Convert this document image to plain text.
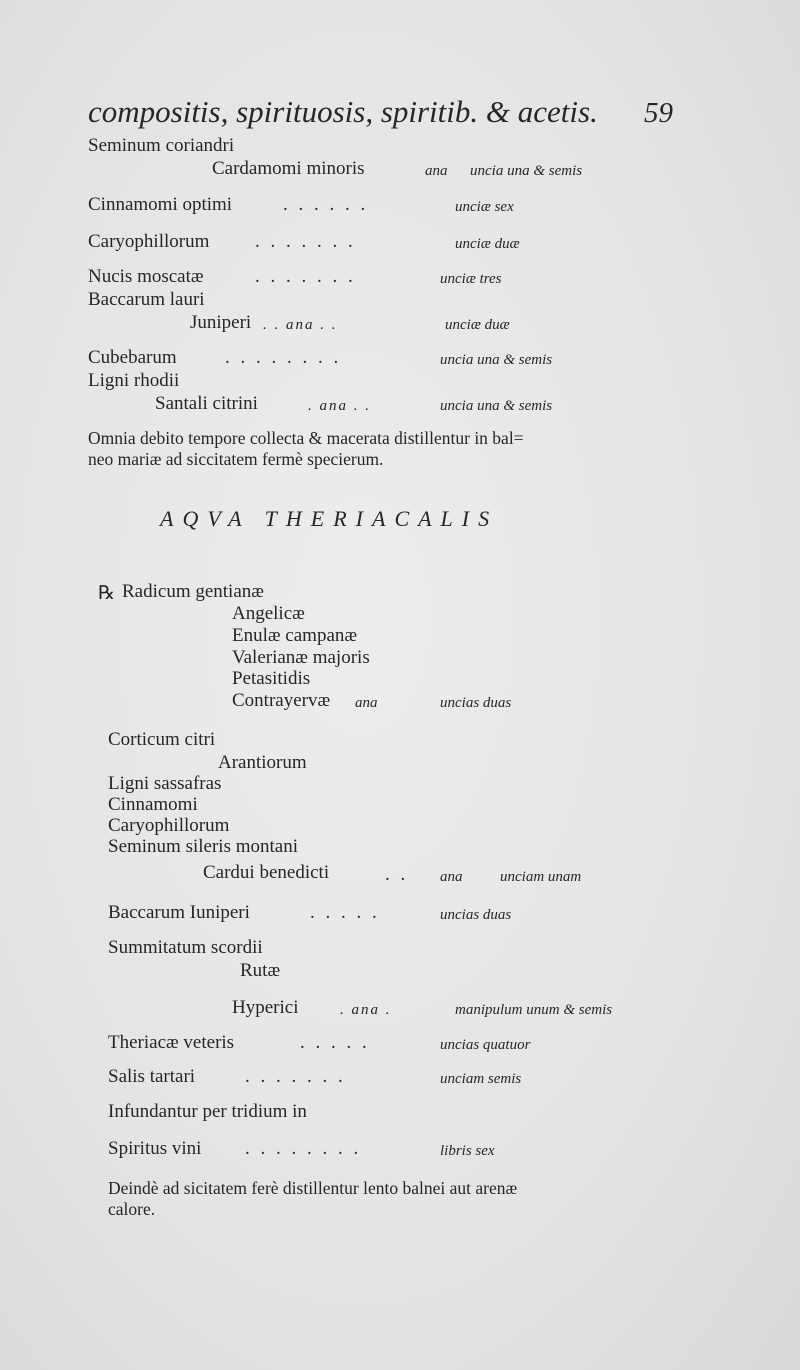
compositis, spirituosis, spiritib. & acetis.	59
Seminum coriandri
Cardamomi minoris	ana uncia una & semis
Cinnamomi optimi	. . . . . .	unciæ sex
Caryophillorum . . . . . . .	unciæ duæ
Nucis moscatæ	. . . . . . .	unciæ tres
Baccarum lauri
Juniperi . . ana . .	unciæ duæ
Cubebarum	. . . . . . . .	uncia una & semis
Ligni rhodii
Santali citrini	. ana . .	uncia una & semis
Omnia debito tempore collecta & macerata distillentur in bal=
neo mariæ ad siccitatem fermè specierum.
AQVA THERIACALIS
℞ Radicum gentianæ
Angelicæ
Enulæ campanæ
Valerianæ majoris
Petasitidis
Contrayervæ ana	uncias duas
Corticum citri
Arantiorum
Ligni sassafras
Cinnamomi
Caryophillorum
Seminum sileris montani
Cardui benedicti	. . ana	unciam unam
Baccarum Iuniperi	. . . . .	uncias duas
Summitatum scordii
Rutæ
Hyperici	. ana .	manipulum unum & semis
Theriacæ veteris	. . . . .	uncias quatuor
Salis tartari	. . . . . . .	unciam semis
Infundantur per tridium in
Spiritus vini . . . . . . . .	libris sex
Deindè ad sicitatem ferè distillentur lento balnei aut arenæ
calore.
